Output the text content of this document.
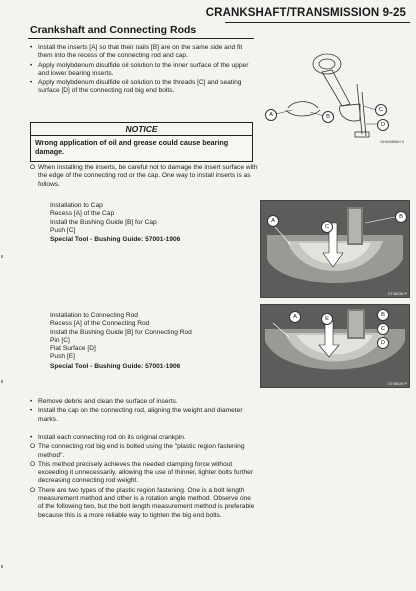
CRANKSHAFT/TRANSMISSION 9-25
Crankshaft and Connecting Rods
• Install the inserts [A] so that their nails [B] are on the same side and fit them into the recess of the connecting rod and cap.
• Apply molybdenum disulfide oil solution to the inner surface of the upper and lower bearing inserts.
• Apply molybdenum disulfide oil solution to the threads [C] and seating surface [D] of the connecting rod big end bolts.
NOTICE
Wrong application of oil and grease could cause bearing damage.
O When installing the inserts, be careful not to damage the insert surface with the edge of the connecting rod or the cap. One way to install inserts is as follows.
A	B
C
D
GH54088AH S
Installation to Cap
Recess [A] of the Cap
Install the Bushing Guide [B] for Cap
Push [C]
Special Tool - Bushing Guide: 57001-1906
A
B
C
GT08038 P
Installation to Connecting Rod
Recess [A] of the Connecting Rod
Install the Bushing Guide [B] for Connecting Rod
Pin [C]
Flat Surface [D]
Push [E]
Special Tool - Bushing Guide: 57001-1906
A	B
C
D
E
GT08039 P
• Remove debris and clean the surface of inserts.
• Install the cap on the connecting rod, aligning the weight and diameter marks.
• Install each connecting rod on its original crankpin.
O The connecting rod big end is bolted using the "plastic region fastening method".
O This method precisely achieves the needed clamping force without exceeding it unnecessarily, allowing the use of thinner, lighter bolts further decreasing connecting rod weight.
O There are two types of the plastic region fastening. One is a bolt length measurement method and other is a rotation angle method. Observe one of the following two, but the bolt length measurement method is preferable because this is a more reliable way to tighten the big end bolts.
